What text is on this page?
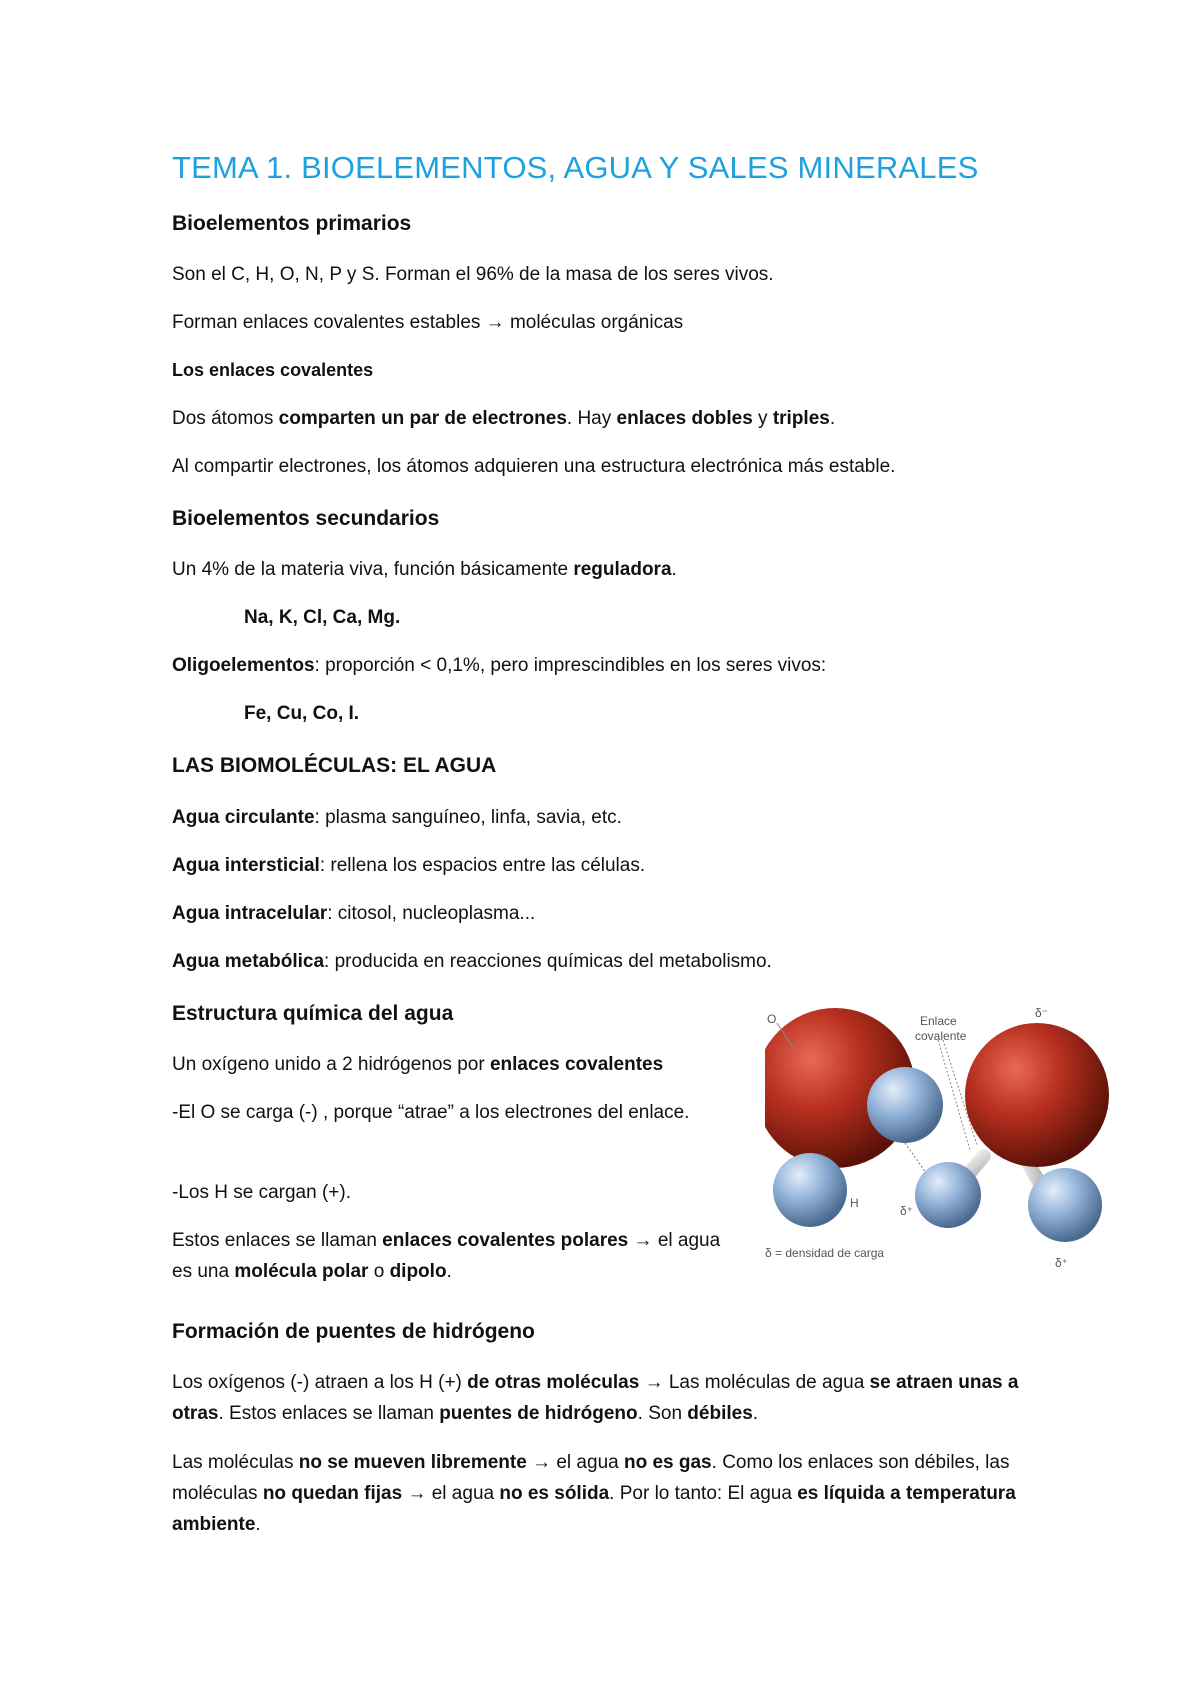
TEMA 1. BIOELEMENTOS, AGUA Y SALES MINERALES
Bioelementos primarios

Son el C, H, O, N, P y S. Forman el 96% de la masa de los seres vivos.

Forman enlaces covalentes estables → moléculas orgánicas

Los enlaces covalentes

Dos átomos comparten un par de electrones. Hay enlaces dobles y triples.

Al compartir electrones, los átomos adquieren una estructura electrónica más estable.

Bioelementos secundarios

Un 4% de la materia viva, función básicamente reguladora.

Na, K, Cl, Ca, Mg.

Oligoelementos: proporción < 0,1%, pero imprescindibles en los seres vivos:

Fe, Cu, Co, I.

LAS BIOMOLÉCULAS: EL AGUA

Agua circulante: plasma sanguíneo, linfa, savia, etc.

Agua intersticial: rellena los espacios entre las células.

Agua intracelular: citosol, nucleoplasma...

Agua metabólica: producida en reacciones químicas del metabolismo.

Estructura química del agua

Un oxígeno unido a 2 hidrógenos por enlaces covalentes

-El O se carga (-) , porque “atrae” a los electrones del enlace.

-Los H se cargan (+).

Estos enlaces se llaman enlaces covalentes polares → el agua es una molécula polar o dipolo.

O	Enlace
covalente
δ⁻
H
δ⁺
δ⁺
δ = densidad de carga
Formación de puentes de hidrógeno

Los oxígenos (-) atraen a los H (+) de otras moléculas → Las moléculas de agua se atraen unas a otras. Estos enlaces se llaman puentes de hidrógeno. Son débiles.

Las moléculas no se mueven libremente → el agua no es gas. Como los enlaces son débiles, las moléculas no quedan fijas → el agua no es sólida. Por lo tanto: El agua es líquida a temperatura ambiente.
